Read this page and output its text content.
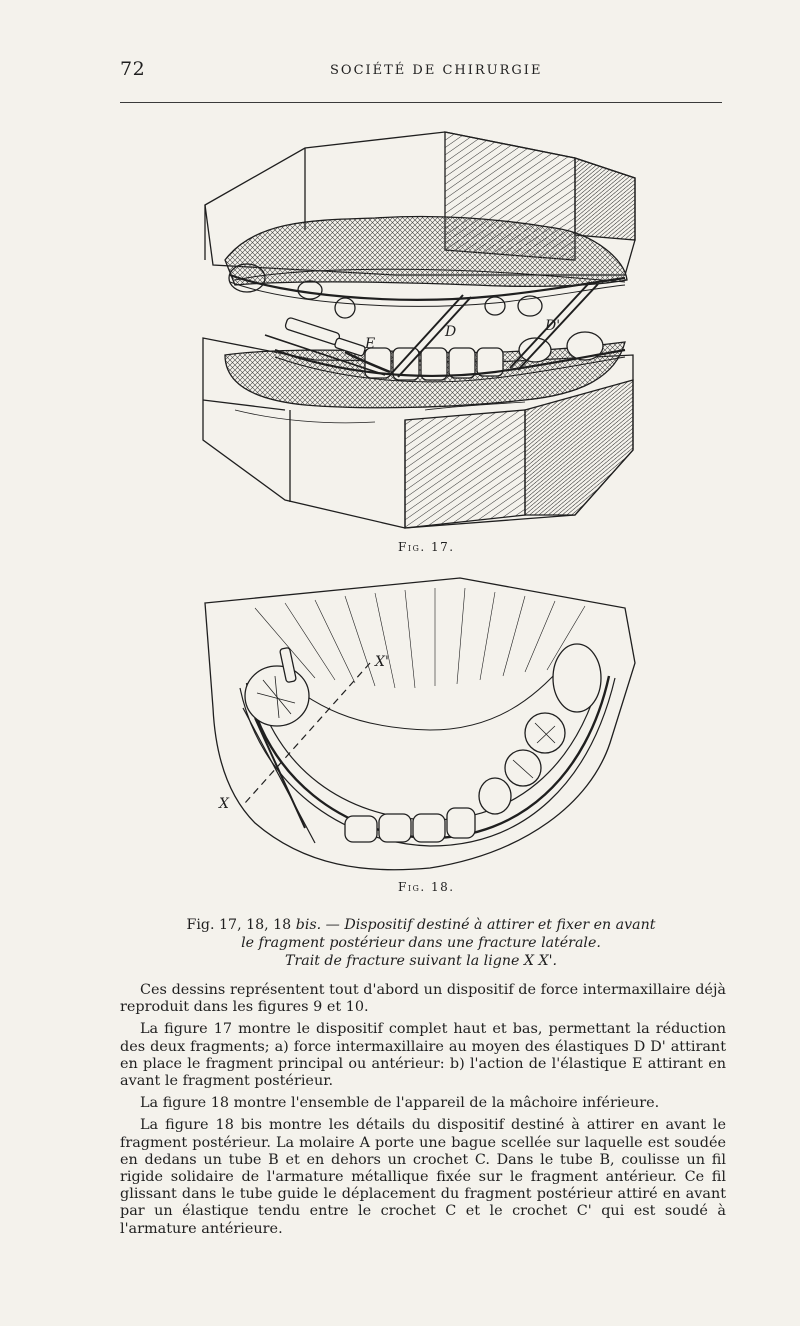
72	SOCIÉTÉ DE CHIRURGIE
E
D	D'
Fig. 17.
X'
X
Fig. 18.
Fig. 17, 18, 18 bis. — Dispositif destiné à attirer et fixer en avant
le fragment postérieur dans une fracture latérale.
Trait de fracture suivant la ligne X X'.

Ces dessins représentent tout d'abord un dispositif de force intermaxillaire déjà reproduit dans les figures 9 et 10.

La figure 17 montre le dispositif complet haut et bas, permettant la réduction des deux fragments; a) force intermaxillaire au moyen des élastiques D D' attirant en place le fragment principal ou antérieur: b) l'action de l'élastique E attirant en avant le fragment postérieur.

La figure 18 montre l'ensemble de l'appareil de la mâchoire inférieure.

La figure 18 bis montre les détails du dispositif destiné à attirer en avant le fragment postérieur. La molaire A porte une bague scellée sur laquelle est soudée en dedans un tube B et en dehors un crochet C. Dans le tube B, coulisse un fil rigide solidaire de l'armature métallique fixée sur le fragment antérieur. Ce fil glissant dans le tube guide le déplacement du fragment postérieur attiré en avant par un élastique tendu entre le crochet C et le crochet C' qui est soudé à l'armature antérieure.
